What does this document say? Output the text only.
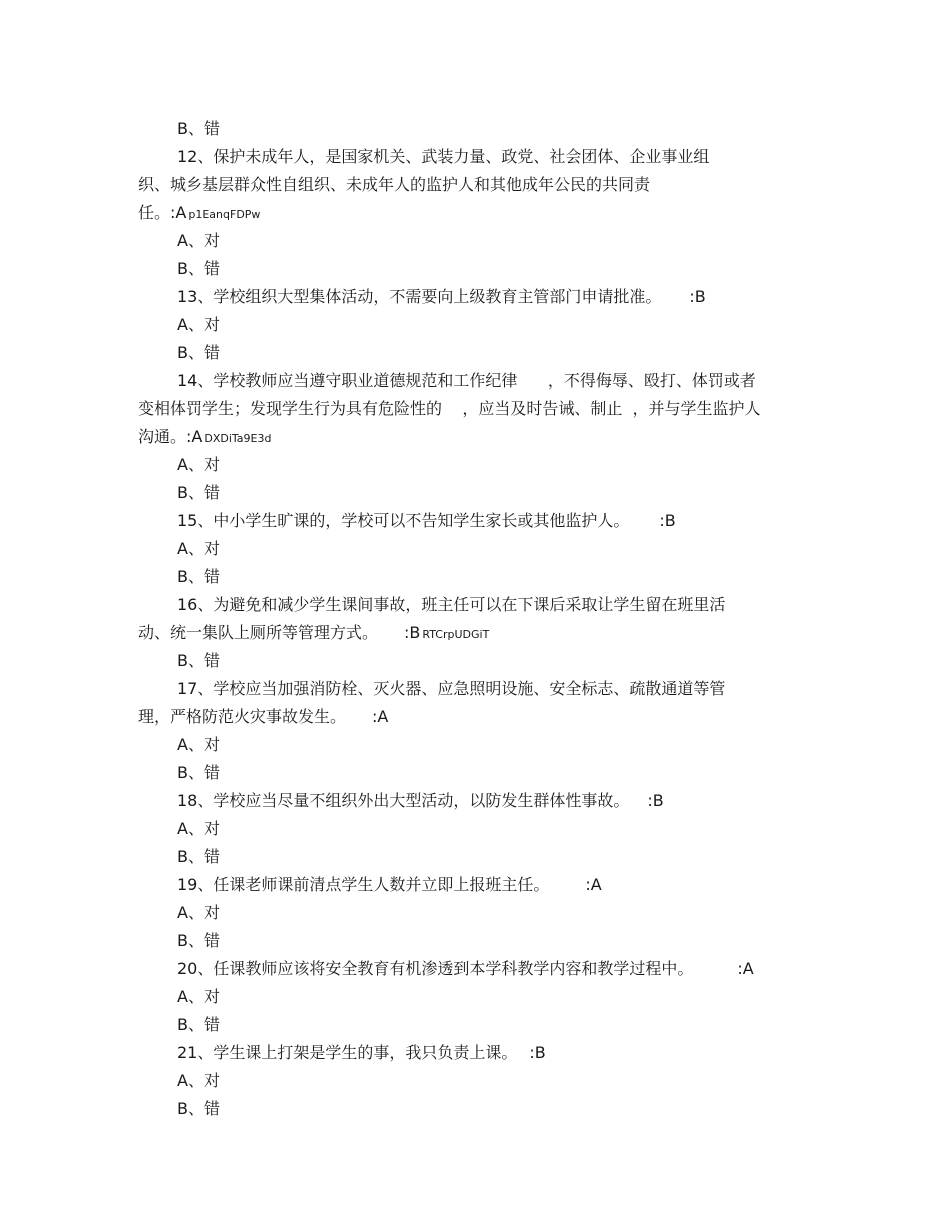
B、错
12、保护未成年人，是国家机关、武装力量、政党、社会团体、企业事业组
织、城乡基层群众性自组织、未成年人的监护人和其他成年公民的共同责
任。:A p1EanqFDPw
A、对
B、错
13、学校组织大型集体活动，不需要向上级教育主管部门申请批准。 :B
A、对
B、错
14、学校教师应当遵守职业道德规范和工作纪律      ，不得侮辱、殴打、体罚或者
变相体罚学生；发现学生行为具有危险性的    ，应当及时告诫、制止  ，并与学生监护人
沟通。:A DXDiTa9E3d
A、对
B、错
15、中小学生旷课的，学校可以不告知学生家长或其他监护人。 :B
A、对
B、错
16、为避免和减少学生课间事故，班主任可以在下课后采取让学生留在班里活
动、统一集队上厕所等管理方式。 :B RTCrpUDGiT
B、错
17、学校应当加强消防栓、灭火器、应急照明设施、安全标志、疏散通道等管
理，严格防范火灾事故发生。 :A
A、对
B、错
18、学校应当尽量不组织外出大型活动，以防发生群体性事故。 :B
A、对
B、错
19、任课老师课前清点学生人数并立即上报班主任。 :A
A、对
B、错
20、任课教师应该将安全教育有机渗透到本学科教学内容和教学过程中。	:A
A、对
B、错
21、学生课上打架是学生的事，我只负责上课。 :B
A、对
B、错
